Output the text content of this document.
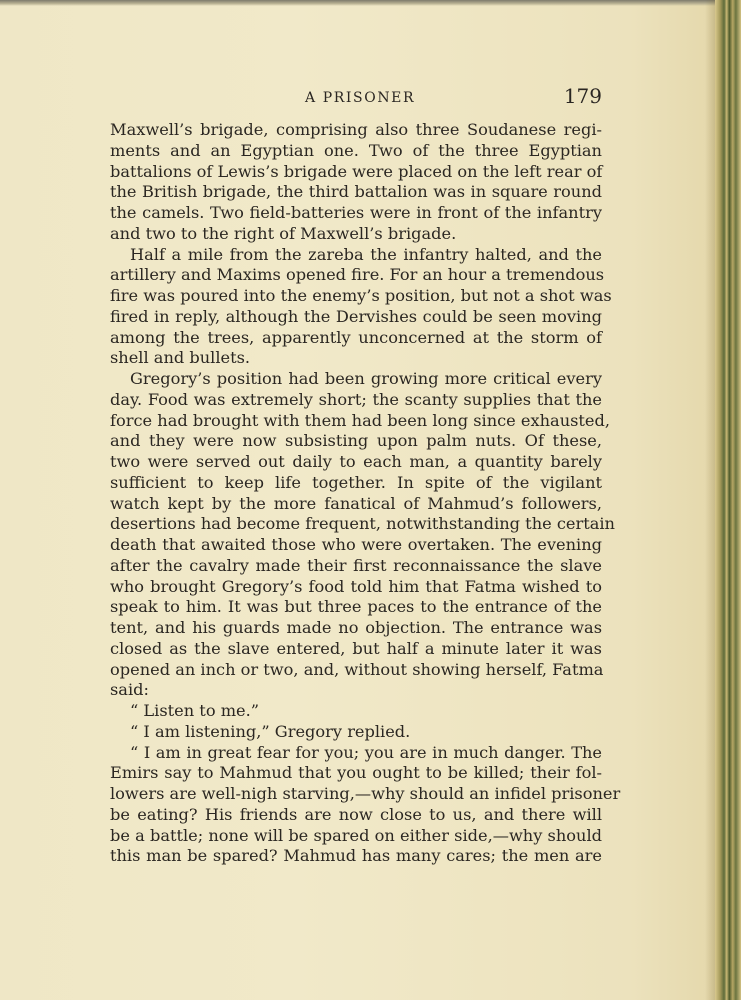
A PRISONER	179
Maxwell’s brigade, comprising also three Soudanese regi-
ments and an Egyptian one. Two of the three Egyptian
battalions of Lewis’s brigade were placed on the left rear of
the British brigade, the third battalion was in square round
the camels. Two field-batteries were in front of the infantry
and two to the right of Maxwell’s brigade.
Half a mile from the zareba the infantry halted, and the
artillery and Maxims opened fire. For an hour a tremendous
fire was poured into the enemy’s position, but not a shot was
fired in reply, although the Dervishes could be seen moving
among the trees, apparently unconcerned at the storm of
shell and bullets.
Gregory’s position had been growing more critical every
day. Food was extremely short; the scanty supplies that the
force had brought with them had been long since exhausted,
and they were now subsisting upon palm nuts. Of these,
two were served out daily to each man, a quantity barely
sufficient to keep life together. In spite of the vigilant
watch kept by the more fanatical of Mahmud’s followers,
desertions had become frequent, notwithstanding the certain
death that awaited those who were overtaken. The evening
after the cavalry made their first reconnaissance the slave
who brought Gregory’s food told him that Fatma wished to
speak to him. It was but three paces to the entrance of the
tent, and his guards made no objection. The entrance was
closed as the slave entered, but half a minute later it was
opened an inch or two, and, without showing herself, Fatma
said:
“ Listen to me.”
“ I am listening,” Gregory replied.
“ I am in great fear for you; you are in much danger. The
Emirs say to Mahmud that you ought to be killed; their fol-
lowers are well-nigh starving,—why should an infidel prisoner
be eating? His friends are now close to us, and there will
be a battle; none will be spared on either side,—why should
this man be spared? Mahmud has many cares; the men are
